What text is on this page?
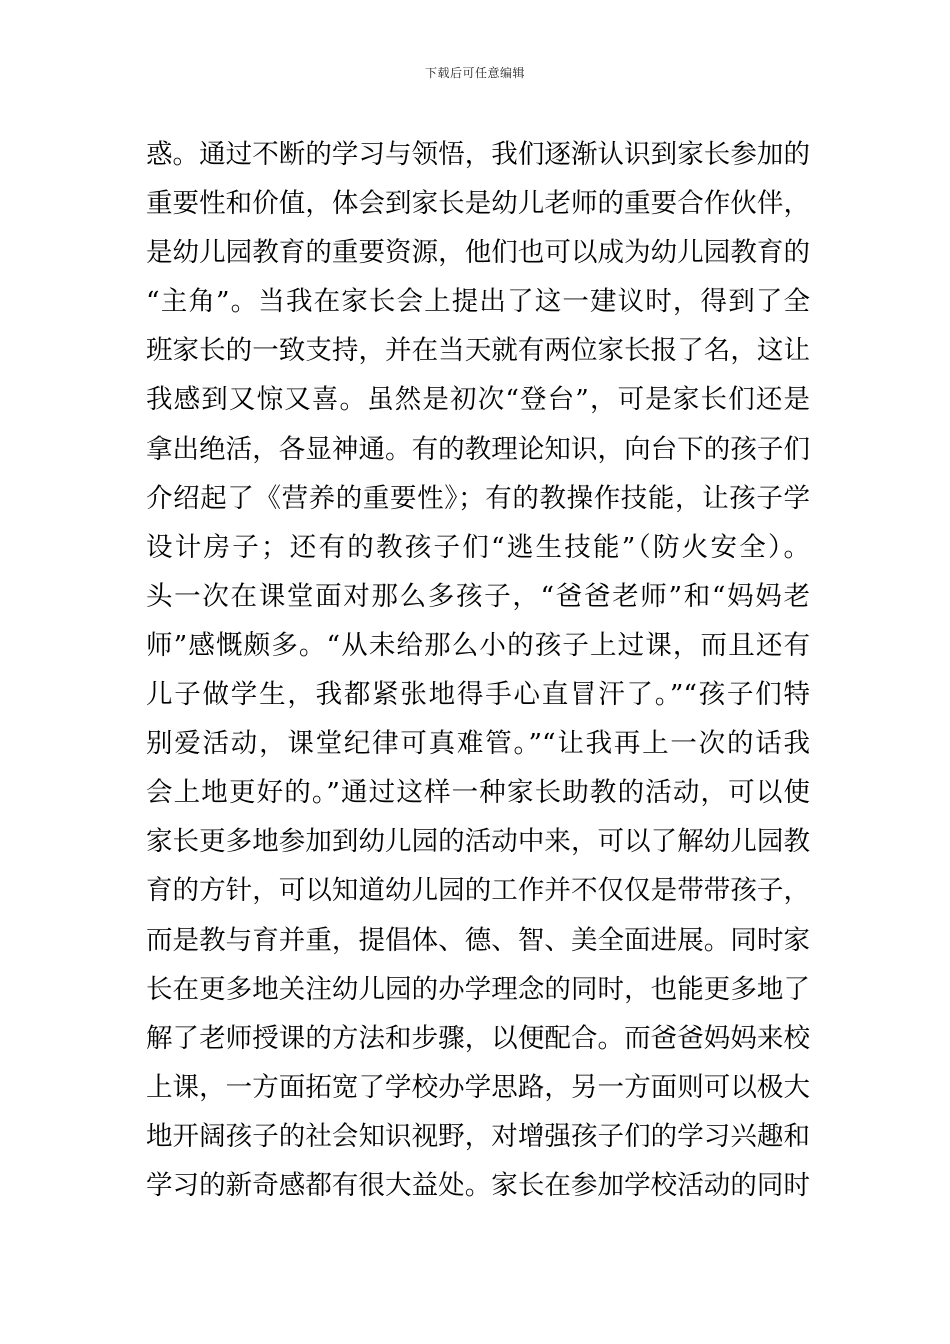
下载后可任意编辑
惑。通过不断的学习与领悟，我们逐渐认识到家长参加的
重要性和价值，体会到家长是幼儿老师的重要合作伙伴，
是幼儿园教育的重要资源，他们也可以成为幼儿园教育的
“主角”。当我在家长会上提出了这一建议时，得到了全
班家长的一致支持，并在当天就有两位家长报了名，这让
我感到又惊又喜。虽然是初次“登台”，可是家长们还是
拿出绝活，各显神通。有的教理论知识，向台下的孩子们
介绍起了《营养的重要性》；有的教操作技能，让孩子学
设计房子；还有的教孩子们“逃生技能”（防火安全）。
头一次在课堂面对那么多孩子，“爸爸老师”和“妈妈老
师”感慨颇多。“从未给那么小的孩子上过课，而且还有
儿子做学生，我都紧张地得手心直冒汗了。”“孩子们特
别爱活动，课堂纪律可真难管。”“让我再上一次的话我
会上地更好的。”通过这样一种家长助教的活动，可以使
家长更多地参加到幼儿园的活动中来，可以了解幼儿园教
育的方针，可以知道幼儿园的工作并不仅仅是带带孩子，
而是教与育并重，提倡体、德、智、美全面进展。同时家
长在更多地关注幼儿园的办学理念的同时，也能更多地了
解了老师授课的方法和步骤，以便配合。而爸爸妈妈来校
上课，一方面拓宽了学校办学思路，另一方面则可以极大
地开阔孩子的社会知识视野，对增强孩子们的学习兴趣和
学习的新奇感都有很大益处。家长在参加学校活动的同时
